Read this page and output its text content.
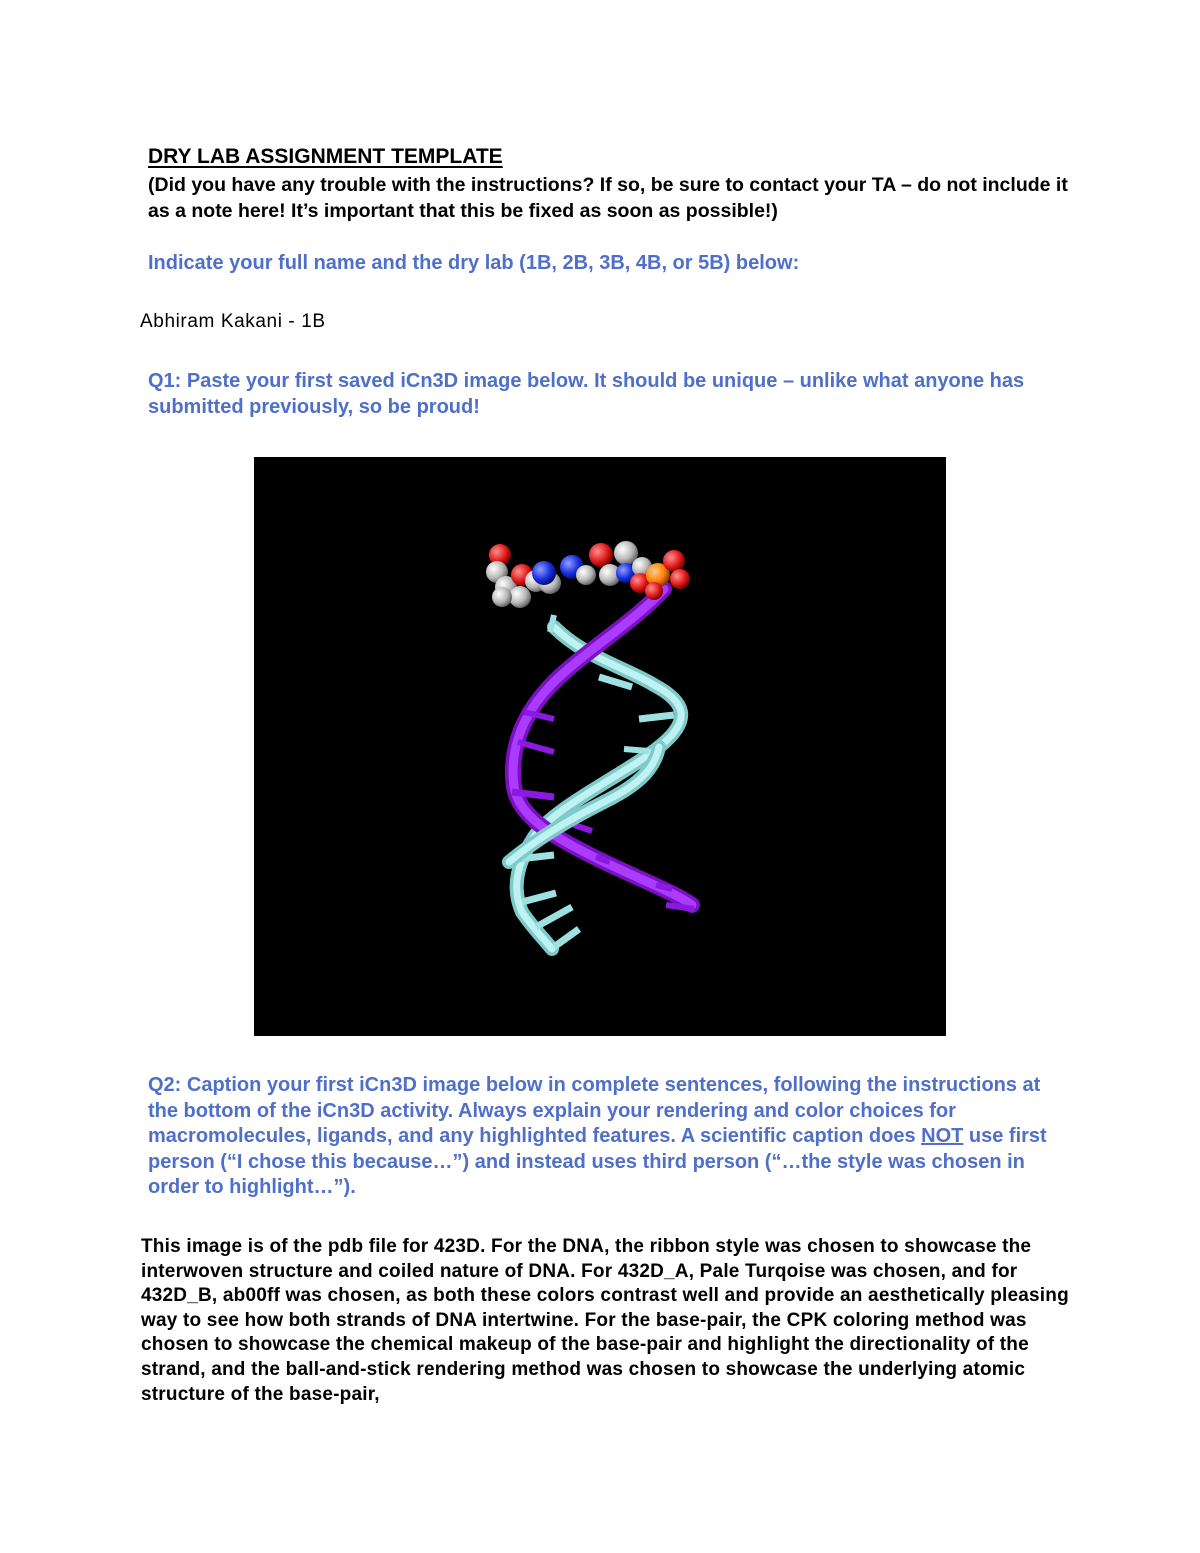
DRY LAB ASSIGNMENT TEMPLATE
(Did you have any trouble with the instructions? If so, be sure to contact your TA – do not include it as a note here! It’s important that this be fixed as soon as possible!)
Indicate your full name and the dry lab (1B, 2B, 3B, 4B, or 5B) below:
Abhiram Kakani - 1B
Q1: Paste your first saved iCn3D image below. It should be unique – unlike what anyone has submitted previously, so be proud!
Q2: Caption your first iCn3D image below in complete sentences, following the instructions at the bottom of the iCn3D activity. Always explain your rendering and color choices for macromolecules, ligands, and any highlighted features. A scientific caption does NOT use first person (“I chose this because…”) and instead uses third person (“…the style was chosen in order to highlight…”).
This image is of the pdb file for 423D. For the DNA, the ribbon style was chosen to showcase the interwoven structure and coiled nature of DNA. For 432D_A, Pale Turqoise was chosen, and for 432D_B, ab00ff was chosen, as both these colors contrast well and provide an aesthetically pleasing way to see how both strands of DNA intertwine. For the base-pair, the CPK coloring method was chosen to showcase the chemical makeup of the base-pair and highlight the directionality of the strand, and the ball-and-stick rendering method was chosen to showcase the underlying atomic structure of the base-pair,
